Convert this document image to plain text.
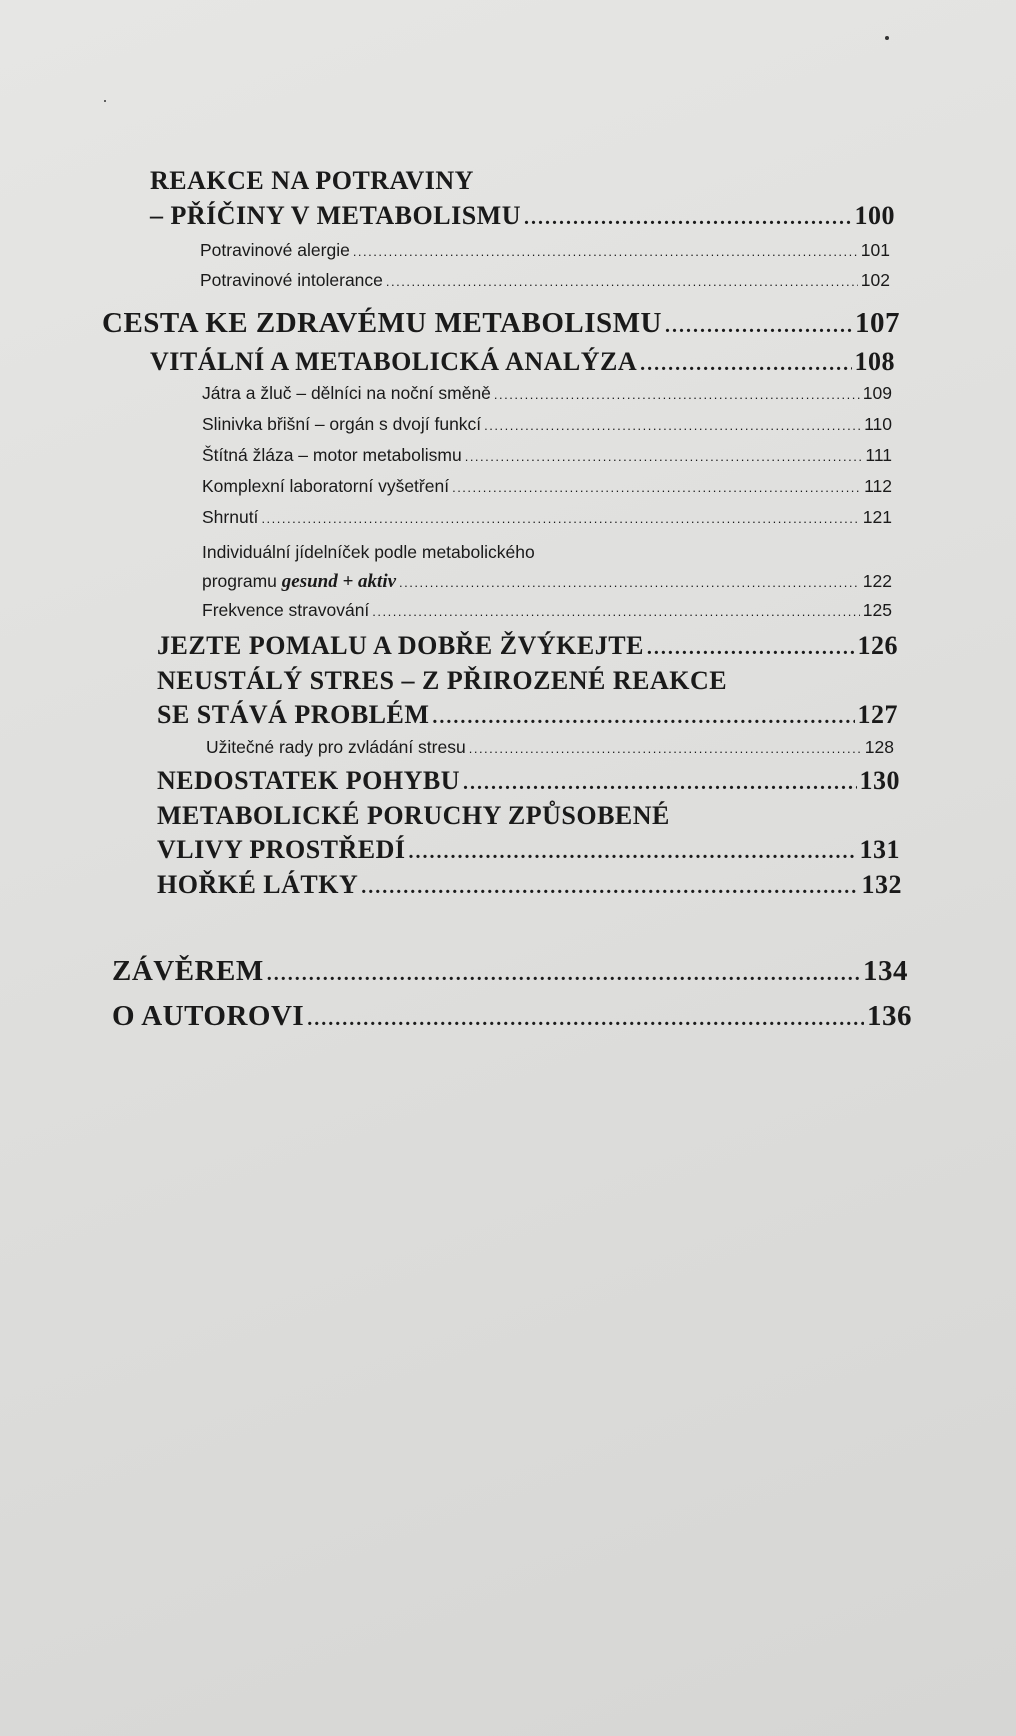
REAKCE NA POTRAVINY
– PŘÍČINY V METABOLISMU .....	100
Potravinové alergie .....	101
Potravinové intolerance .....	102
CESTA KE ZDRAVÉMU METABOLISMU .....	107
VITÁLNÍ A METABOLICKÁ ANALÝZA .....	108
Játra a žluč – dělníci na noční směně .....	109
Slinivka břišní – orgán s dvojí funkcí .....	110
Štítná žláza – motor metabolismu .....	111
Komplexní laboratorní vyšetření .....	112
Shrnutí .....	121
Individuální jídelníček podle metabolického
programu gesund + aktiv .....	122
Frekvence stravování .....	125
JEZTE POMALU A DOBŘE ŽVÝKEJTE .....	126
NEUSTÁLÝ STRES – Z PŘIROZENÉ REAKCE
SE STÁVÁ PROBLÉM .....	127
Užitečné rady pro zvládání stresu .....	128
NEDOSTATEK POHYBU .....	130
METABOLICKÉ PORUCHY ZPŮSOBENÉ
VLIVY PROSTŘEDÍ .....	131
HOŘKÉ LÁTKY .....	132
ZÁVĚREM .....	134
O AUTOROVI .....	136
